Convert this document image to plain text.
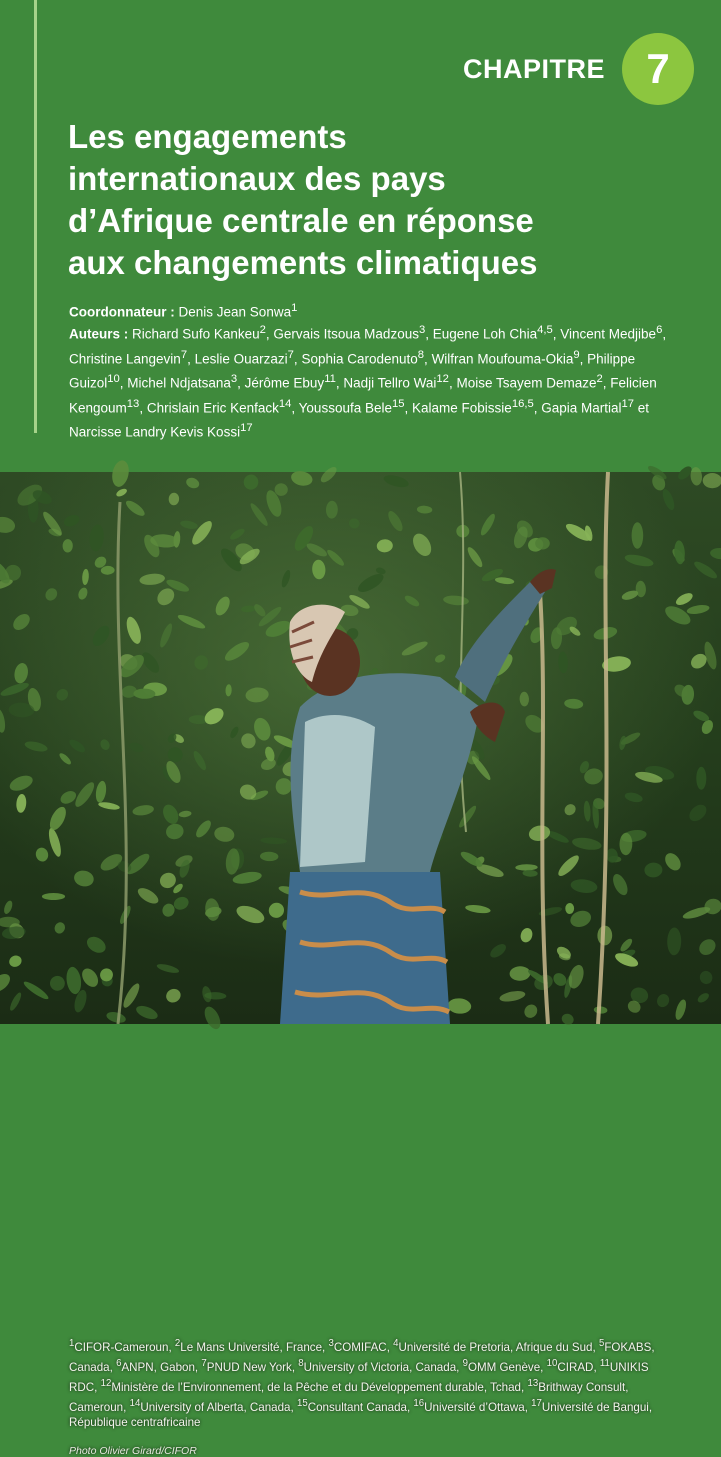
CHAPITRE 7
Les engagements
internationaux des pays
d’Afrique centrale en réponse
aux changements climatiques

Coordonnateur : Denis Jean Sonwa$^1$

Auteurs : Richard Sufo Kankeu$^2$, Gervais Itsoua Madzous$^3$, Eugene Loh Chia$^{4,5}$, Vincent Medjibe$^6$, Christine Langevin$^7$, Leslie Ouarzazi$^7$, Sophia Carodenuto$^8$, Wilfran Moufouma-Okia$^9$, Philippe Guizol$^{10}$, Michel Ndjatsana$^3$, Jérôme Ebuy$^{11}$, Nadji Tellro Wai$^{12}$, Moise Tsayem Demaze$^2$, Felicien Kengoum$^{13}$, Chrislain Eric Kenfack$^{14}$, Youssoufa Bele$^{15}$, Kalame Fobissie$^{16,5}$, Gapia Martial$^{17}$ et Narcisse Landry Kevis Kossi$^{17}$

$^1$CIFOR-Cameroun, $^2$Le Mans Université, France, $^3$COMIFAC, $^4$Université de Pretoria, Afrique du Sud, $^5$FOKABS, Canada, $^6$ANPN, Gabon, $^7$PNUD New York, $^8$University of Victoria, Canada, $^9$OMM Genève, $^{10}$CIRAD, $^{11}$UNIKIS RDC, $^{12}$Ministère de l’Environnement, de la Pêche et du Développement durable, Tchad, $^{13}$Brithway Consult, Cameroun, $^{14}$University of Alberta, Canada, $^{15}$Consultant Canada, $^{16}$Université d’Ottawa, $^{17}$Université de Bangui, République centrafricaine

Photo Olivier Girard/CIFOR
